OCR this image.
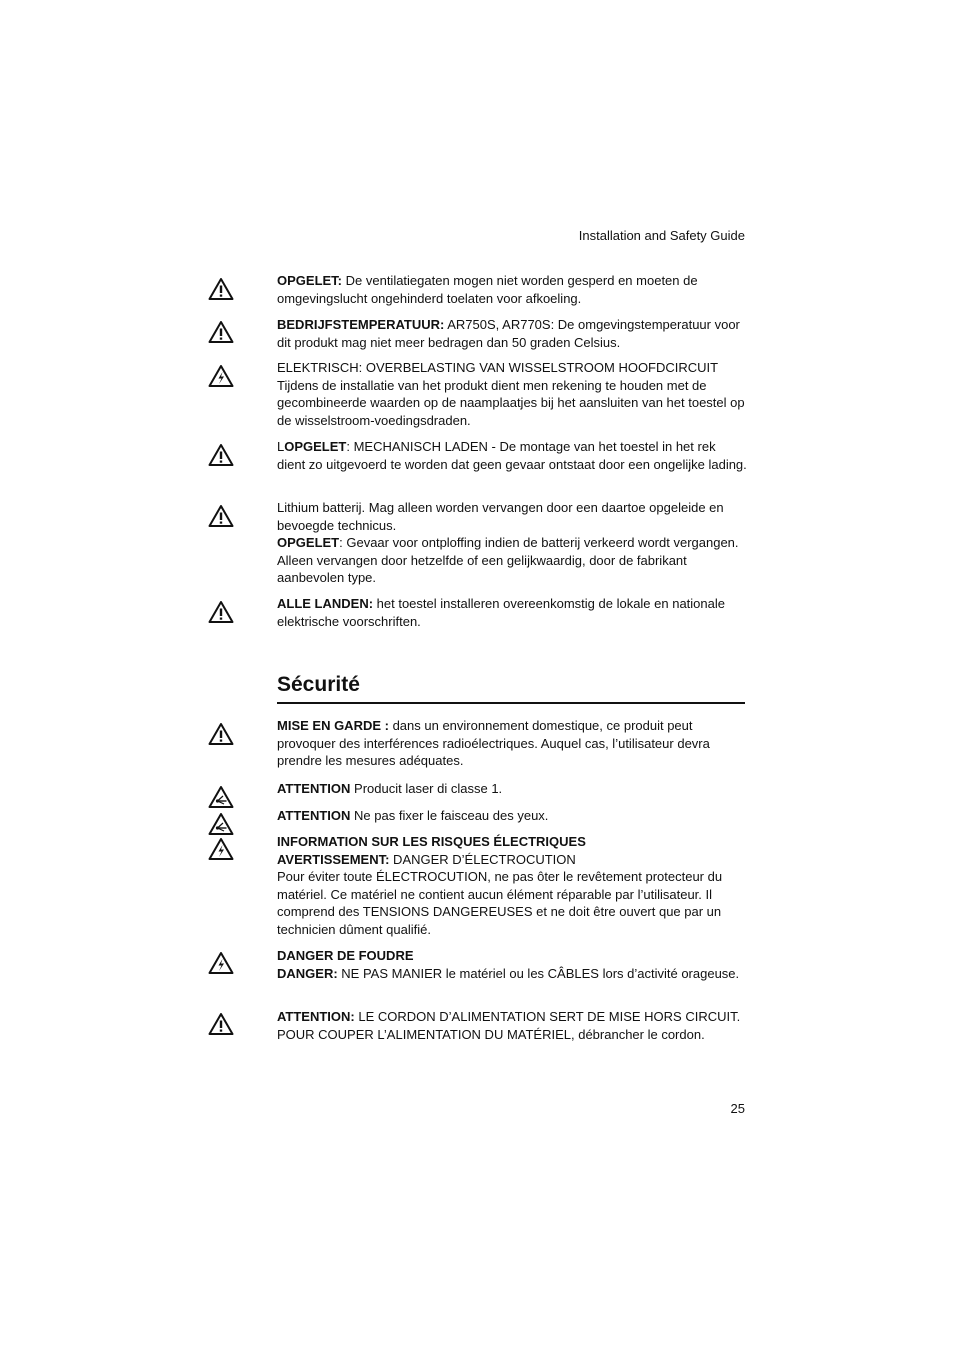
Installation and Safety Guide

OPGELET: De ventilatiegaten mogen niet worden gesperd en moeten de omgevingslucht ongehinderd toelaten voor afkoeling.

BEDRIJFSTEMPERATUUR: AR750S, AR770S: De omgevingstemperatuur voor dit produkt mag niet meer bedragen dan 50 graden Celsius.

ELEKTRISCH: OVERBELASTING VAN WISSELSTROOM HOOFDCIRCUIT

Tijdens de installatie van het produkt dient men rekening te houden met de gecombineerde waarden op de naamplaatjes bij het aansluiten van het toestel op de wisselstroom-voedingsdraden.

LOPGELET: MECHANISCH LADEN - De montage van het toestel in het rek dient zo uitgevoerd te worden dat geen gevaar ontstaat door een ongelijke lading.

Lithium batterij. Mag alleen worden vervangen door een daartoe opgeleide en bevoegde technicus.

OPGELET: Gevaar voor ontploffing indien de batterij verkeerd wordt vergangen. Alleen vervangen door hetzelfde of een gelijkwaardig, door de fabrikant aanbevolen type.

ALLE LANDEN: het toestel installeren overeenkomstig de lokale en nationale elektrische voorschriften.

Sécurité

MISE EN GARDE : dans un environnement domestique, ce produit peut provoquer des interférences radioélectriques. Auquel cas, l’utilisateur devra prendre les mesures adéquates.

ATTENTION Producit laser di classe 1.

ATTENTION Ne pas fixer le faisceau des yeux.

INFORMATION SUR LES RISQUES ÉLECTRIQUES

AVERTISSEMENT: DANGER D’ÉLECTROCUTION

Pour éviter toute ÉLECTROCUTION, ne pas ôter le revêtement protecteur du matériel. Ce matériel ne contient aucun élément réparable par l’utilisateur. Il comprend des TENSIONS DANGEREUSES et ne doit être ouvert que par un technicien dûment qualifié.

DANGER DE FOUDRE

DANGER: NE PAS MANIER le matériel ou les CÂBLES lors d’activité orageuse.

ATTENTION: LE CORDON D’ALIMENTATION SERT DE MISE HORS CIRCUIT. POUR COUPER L’ALIMENTATION DU MATÉRIEL, débrancher le cordon.

25
